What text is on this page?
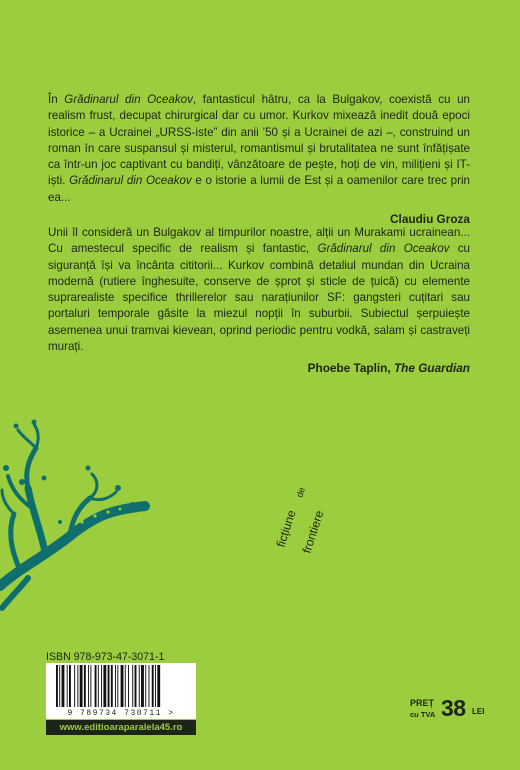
În Grădinarul din Oceakov, fantasticul hâtru, ca la Bulgakov, coexistă cu un realism frust, decupat chirurgical dar cu umor. Kurkov mixează inedit două epoci istorice – a Ucrainei „URSS-iste” din anii ’50 și a Ucrainei de azi –, construind un roman în care suspansul și misterul, romantismul și brutalitatea ne sunt înfățișate ca într-un joc captivant cu bandiți, vânzătoare de pește, hoți de vin, milițieni și IT-iști. Grădinarul din Oceakov e o istorie a lumii de Est și a oamenilor care trec prin ea...

Claudiu Groza

Unii îl consideră un Bulgakov al timpurilor noastre, alții un Murakami ucrainean... Cu amestecul specific de realism și fantastic, Grădinarul din Oceakov cu siguranță își va încânta cititorii... Kurkov combină detaliul mundan din Ucraina modernă (rutiere înghesuite, conserve de șprot și sticle de țuică) cu elemente suprarealiste specifice thrillerelor sau narațiunilor SF: gangsteri cuțitari sau portaluri temporale găsite la miezul nopții în suburbii. Subiectul șerpuiește asemenea unui tramvai kievean, oprind periodic pentru vodkă, salam și castraveți murați.

Phoebe Taplin, The Guardian
ficțiune
de
frontiere
ISBN 978-973-47-3071-1
9 789734 730711 >
www.editioaraparalela45.ro
PREȚ
cu TVA 38 LEI
